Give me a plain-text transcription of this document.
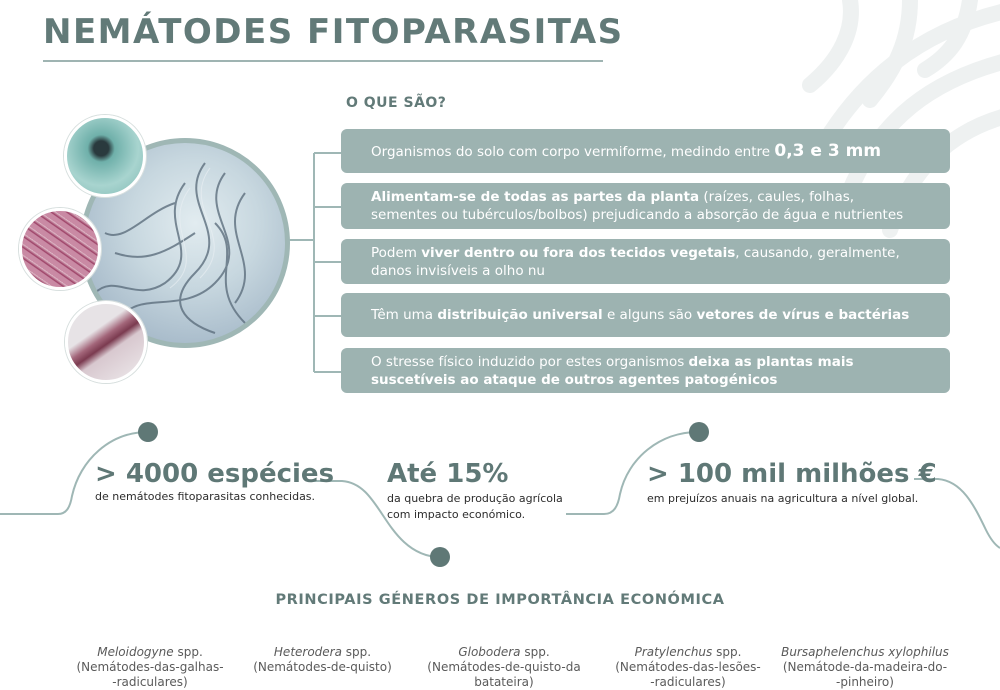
NEMÁTODES FITOPARASITAS
O QUE SÃO?
Organismos do solo com corpo vermiforme, medindo entre 0,3 e 3 mm
Alimentam-se de todas as partes da planta (raízes, caules, folhas, sementes ou tubérculos/bolbos) prejudicando a absorção de água e nutrientes
Podem viver dentro ou fora dos tecidos vegetais, causando, geralmente, danos invisíveis a olho nu
Têm uma distribuição universal e alguns são vetores de vírus e bactérias
O stresse físico induzido por estes organismos deixa as plantas mais suscetíveis ao ataque de outros agentes patogénicos
> 4000 espécies
de nemátodes fitoparasitas conhecidas.
Até 15%
da quebra de produção agrícola com impacto económico.
> 100 mil milhões €
em prejuízos anuais na agricultura a nível global.
PRINCIPAIS GÉNEROS DE IMPORTÂNCIA ECONÓMICA
Meloidogyne spp.
(Nemátodes-das-galhas-
-radiculares)
Heterodera spp.
(Nemátodes-de-quisto)
Globodera spp.
(Nemátodes-de-quisto-da
batateira)
Pratylenchus spp.
(Nemátodes-das-lesões-
-radiculares)
Bursaphelenchus xylophilus
(Nemátode-da-madeira-do-
-pinheiro)
